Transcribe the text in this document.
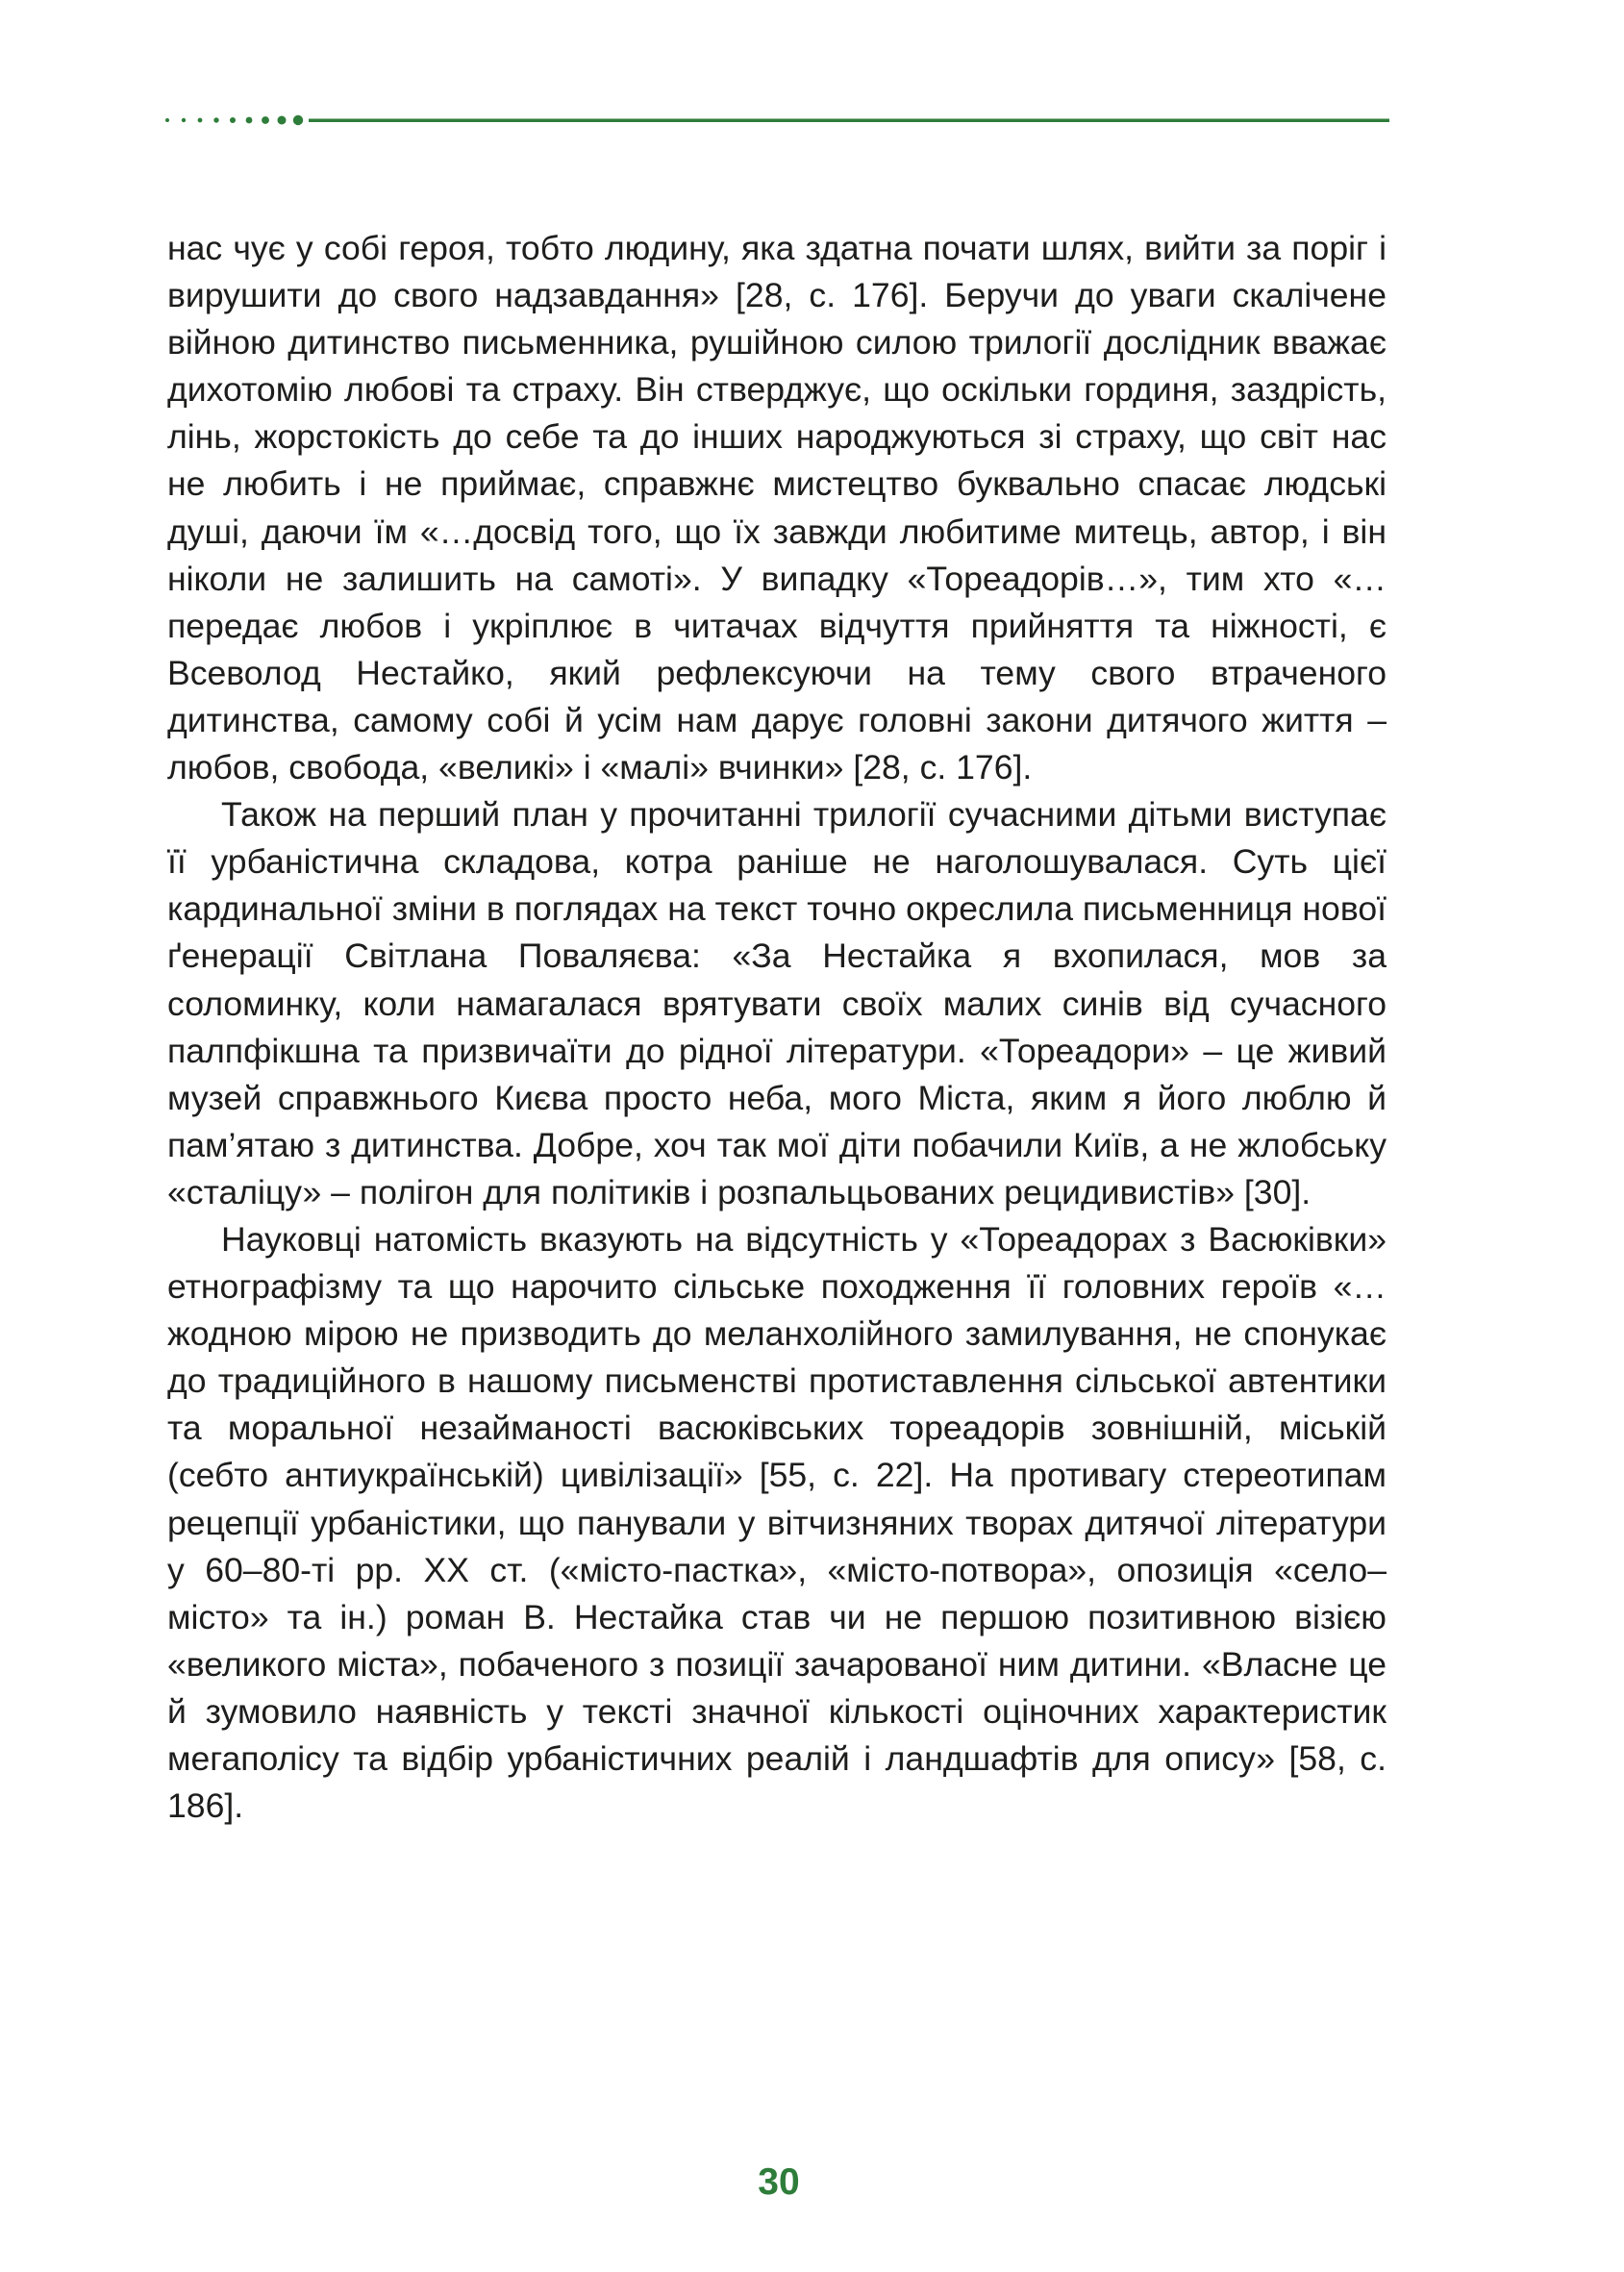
нас чує у собі героя, тобто людину, яка здатна почати шлях, вийти за поріг і вирушити до свого надзавдання» [28, с. 176]. Беручи до уваги скалічене війною дитинство письменника, рушійною силою трилогії дослідник вважає дихотомію любові та страху. Він стверджує, що оскільки гординя, заздрість, лінь, жорстокість до себе та до інших народжуються зі страху, що світ нас не любить і не приймає, справжнє мистецтво буквально спасає людські душі, даючи їм «…досвід того, що їх завжди любитиме митець, автор, і він ніколи не залишить на самоті». У випадку «Тореадорів…», тим хто «…передає любов і укріплює в читачах відчуття прийняття та ніжності, є Всеволод Нестайко, який рефлексуючи на тему свого втраченого дитинства, самому собі й усім нам дарує головні закони дитячого життя – любов, свобода, «великі» і «малі» вчинки» [28, с. 176].

Також на перший план у прочитанні трилогії сучасними дітьми виступає її урбаністична складова, котра раніше не наголошувалася. Суть цієї кардинальної зміни в поглядах на текст точно окреслила письменниця нової ґенерації Світлана Поваляєва: «За Нестайка я вхопилася, мов за соломинку, коли намагалася врятувати своїх малих синів від сучасного палпфікшна та призвичаїти до рідної літератури. «Тореадори» – це живий музей справжнього Києва просто неба, мого Міста, яким я його люблю й пам’ятаю з дитинства. Добре, хоч так мої діти побачили Київ, а не жлобську «сталіцу» – полігон для політиків і розпальцьованих рецидивистів» [30].

Науковці натомість вказують на відсутність у «Тореадорах з Васюківки» етнографізму та що нарочито сільське походження її головних героїв «…жодною мірою не призводить до меланхолійного замилування, не спонукає до традиційного в нашому письменстві протиставлення сільської автентики та моральної незайманості васюківських тореадорів зовнішній, міській (себто антиукраїнській) цивілізації» [55, с. 22]. На противагу стереотипам рецепції урбаністики, що панували у вітчизняних творах дитячої літератури у 60–80-ті рр. ХХ ст. («місто-пастка», «місто-потвора», опозиція «село–місто» та ін.) роман В. Нестайка став чи не першою позитивною візією «великого міста», побаченого з позиції зачарованої ним дитини. «Власне це й зумовило наявність у тексті значної кількості оціночних характеристик мегаполісу та відбір урбаністичних реалій і ландшафтів для опису» [58, с. 186].

30
